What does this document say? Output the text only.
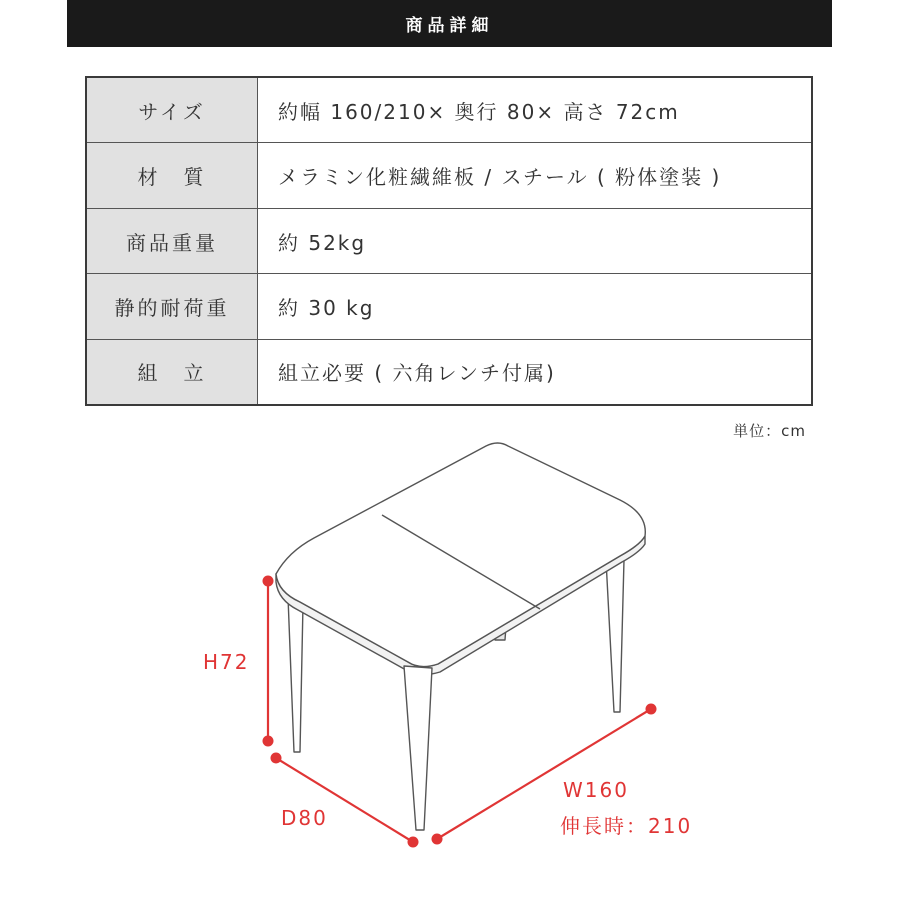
商品詳細
サイズ	約幅 160/210× 奥行 80× 高さ 72cm
材　質	メラミン化粧繊維板 / スチール ( 粉体塗装 )
商品重量	約 52kg
静的耐荷重	約 30 kg
組　立	組立必要 ( 六角レンチ付属)
単位：cm
H72
D80
W160
伸長時：210
